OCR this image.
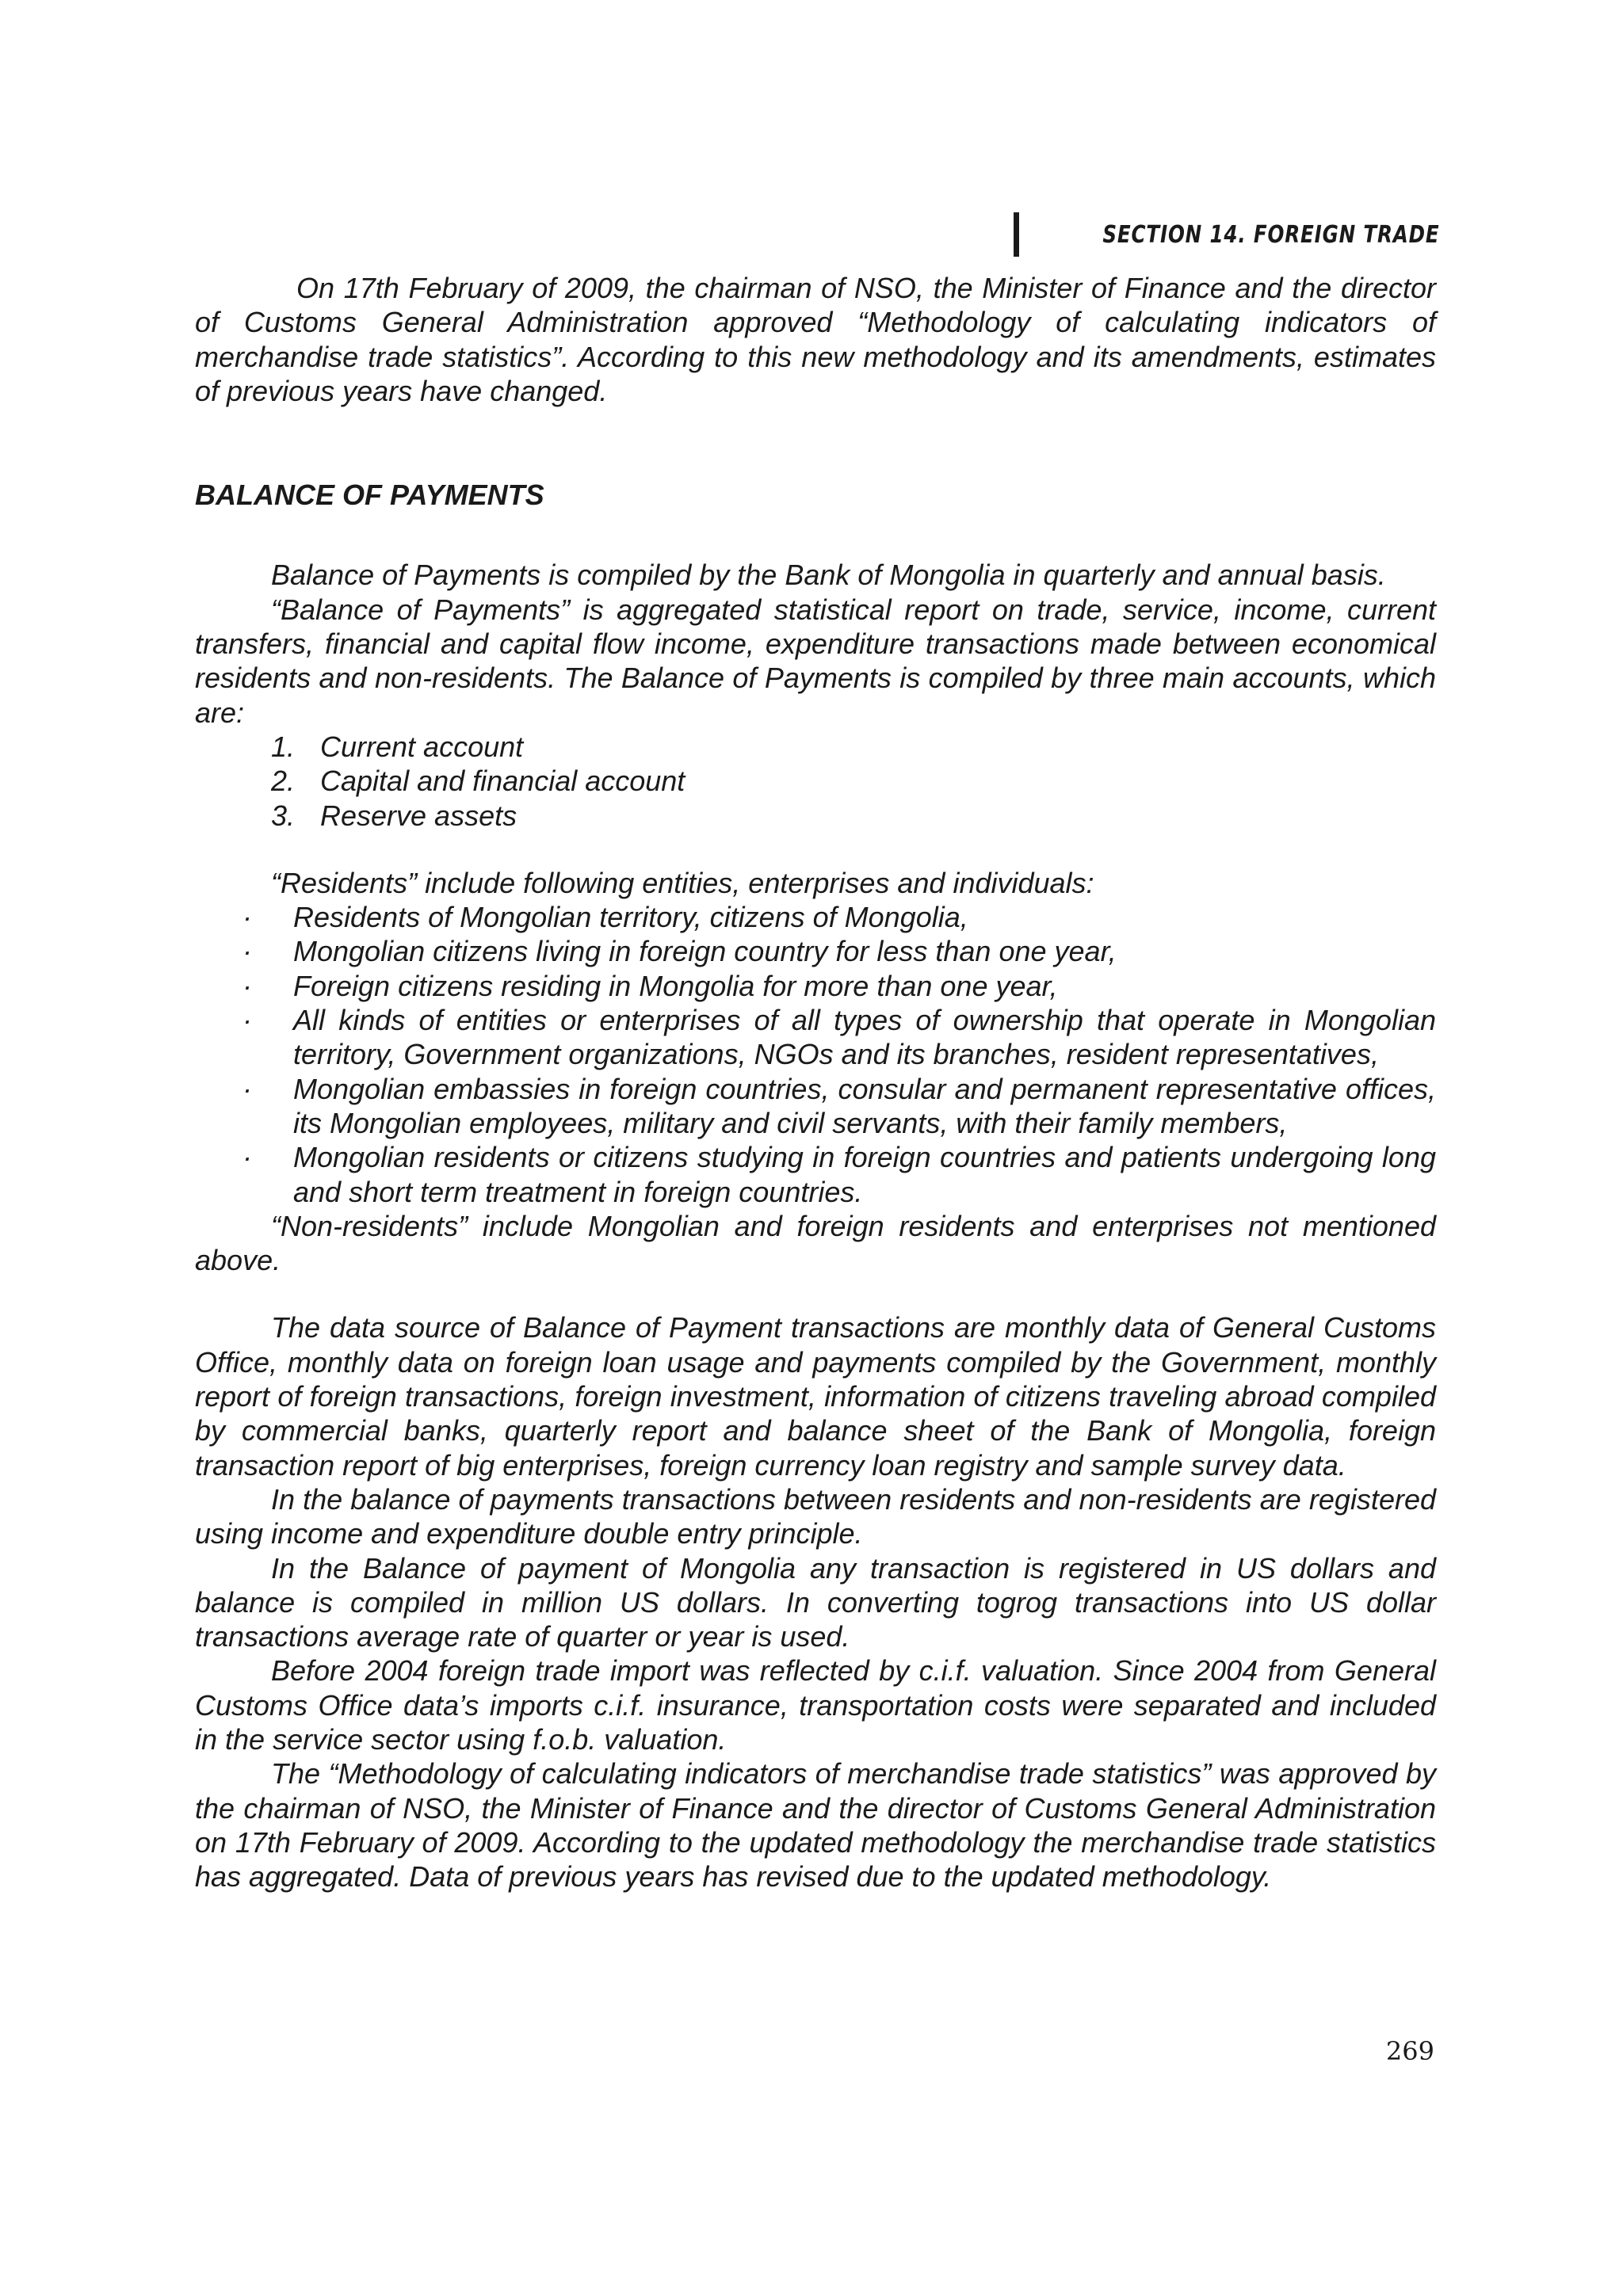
SECTION 14. FOREIGN TRADE

On 17th February of 2009, the chairman of NSO, the Minister of Finance and the director of Customs General Administration approved “Methodology of calculating indicators of merchandise trade statistics”. According to this new methodology and its amendments, estimates of previous years have changed.

BALANCE OF PAYMENTS

Balance of Payments is compiled by the Bank of Mongolia in quarterly and annual basis.

“Balance of Payments” is aggregated statistical report on trade, service, income, current transfers, financial and capital flow income, expenditure transactions made between economical residents and non-residents. The Balance of Payments is compiled by three main accounts, which are:

1. Current account

2. Capital and financial account

3. Reserve assets

“Residents” include following entities, enterprises and individuals:

· Residents of Mongolian territory, citizens of Mongolia,

· Mongolian citizens living in foreign country for less than one year,

· Foreign citizens residing in Mongolia for more than one year,

· All kinds of entities or enterprises of all types of ownership that operate in Mongolian territory, Government organizations, NGOs and its branches, resident representatives,

· Mongolian embassies in foreign countries, consular and permanent representative offices, its Mongolian employees, military and civil servants, with their family members,

· Mongolian residents or citizens studying in foreign countries and patients undergoing long and short term treatment in foreign countries.

“Non-residents” include Mongolian and foreign residents and enterprises not mentioned above.

The data source of Balance of Payment transactions are monthly data of General Customs Office, monthly data on foreign loan usage and payments compiled by the Government, monthly report of foreign transactions, foreign investment, information of citizens traveling abroad compiled by commercial banks, quarterly report and balance sheet of the Bank of Mongolia, foreign transaction report of big enterprises, foreign currency loan registry and sample survey data.

In the balance of payments transactions between residents and non-residents are registered using income and expenditure double entry principle.

In the Balance of payment of Mongolia any transaction is registered in US dollars and balance is compiled in million US dollars. In converting togrog transactions into US dollar transactions average rate of quarter or year is used.

Before 2004 foreign trade import was reflected by c.i.f. valuation. Since 2004 from General Customs Office data’s imports c.i.f. insurance, transportation costs were separated and included in the service sector using f.o.b. valuation.

The “Methodology of calculating indicators of merchandise trade statistics” was approved by the chairman of NSO, the Minister of Finance and the director of Customs General Administration on 17th February of 2009. According to the updated methodology the merchandise trade statistics has aggregated. Data of previous years has revised due to the updated methodology.

269
